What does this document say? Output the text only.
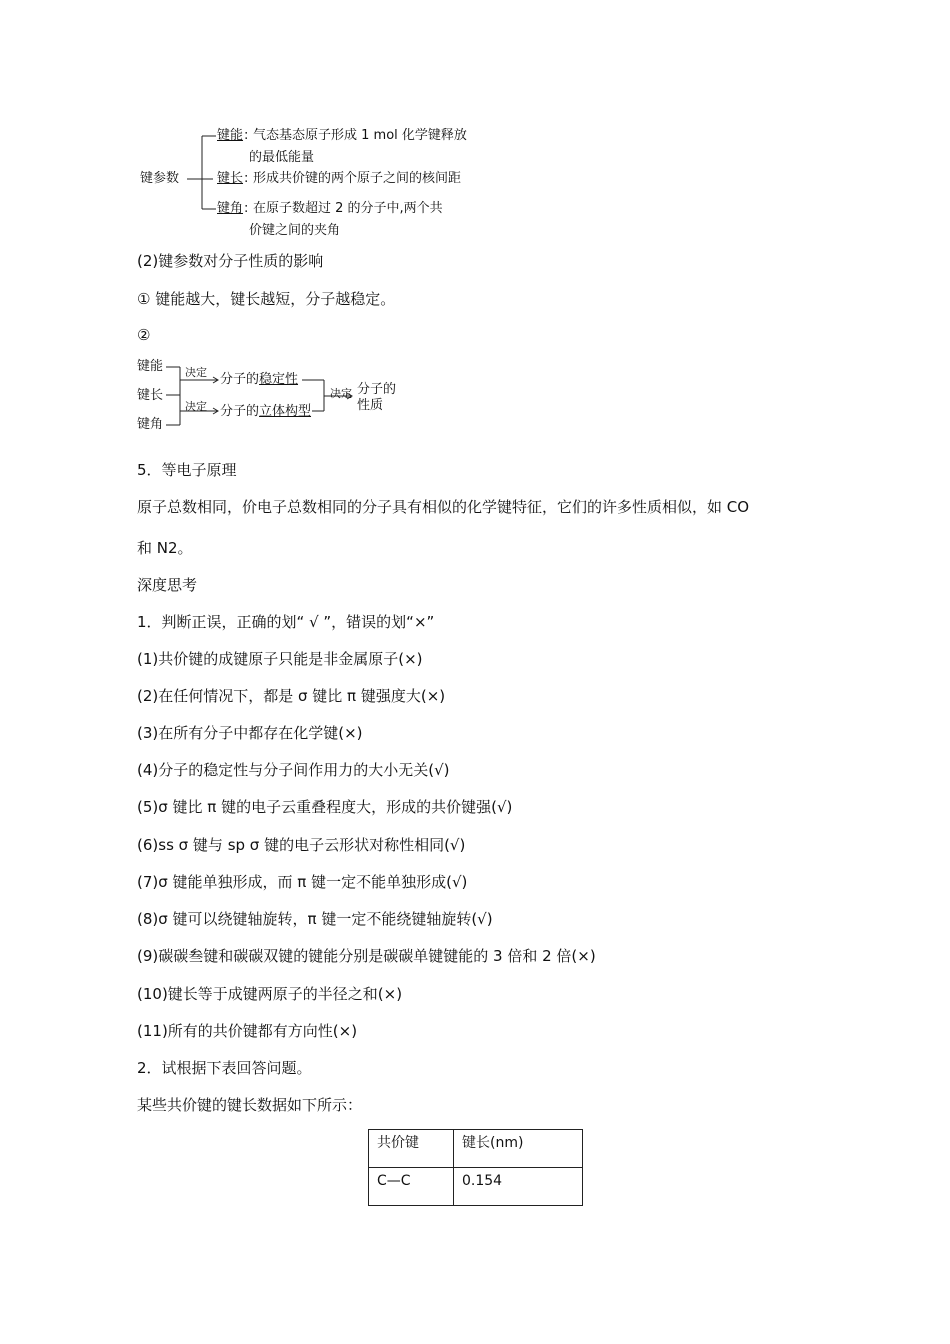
键参数
键能 : 气态基态原子形成 1 mol 化学键释放
的最低能量
键长 : 形成共价键的两个原子之间的核间距
键角 : 在原子数超过 2 的分子中,两个共
价键之间的夹角
(2)键参数对分子性质的影响
① 键能越大，键长越短，分子越稳定。
②
键能
键长
键角
决定
决定
分子的稳定性
分子的立体构型
决定 分子的
性质
5．等电子原理
原子总数相同，价电子总数相同的分子具有相似的化学键特征，它们的许多性质相似，如 CO
和 N2。
深度思考
1．判断正误，正确的划“ √ ”，错误的划“×”
(1)共价键的成键原子只能是非金属原子(×)
(2)在任何情况下，都是 σ 键比 π 键强度大(×)
(3)在所有分子中都存在化学键(×)
(4)分子的稳定性与分子间作用力的大小无关(√)
(5)σ 键比 π 键的电子云重叠程度大，形成的共价键强(√)
(6)ss σ 键与 sp σ 键的电子云形状对称性相同(√)
(7)σ 键能单独形成，而 π 键一定不能单独形成(√)
(8)σ 键可以绕键轴旋转，π 键一定不能绕键轴旋转(√)
(9)碳碳叁键和碳碳双键的键能分别是碳碳单键键能的 3 倍和 2 倍(×)
(10)键长等于成键两原子的半径之和(×)
(11)所有的共价键都有方向性(×)
2．试根据下表回答问题。
某些共价键的键长数据如下所示：
共价键	键长(nm)
C—C	0.154
